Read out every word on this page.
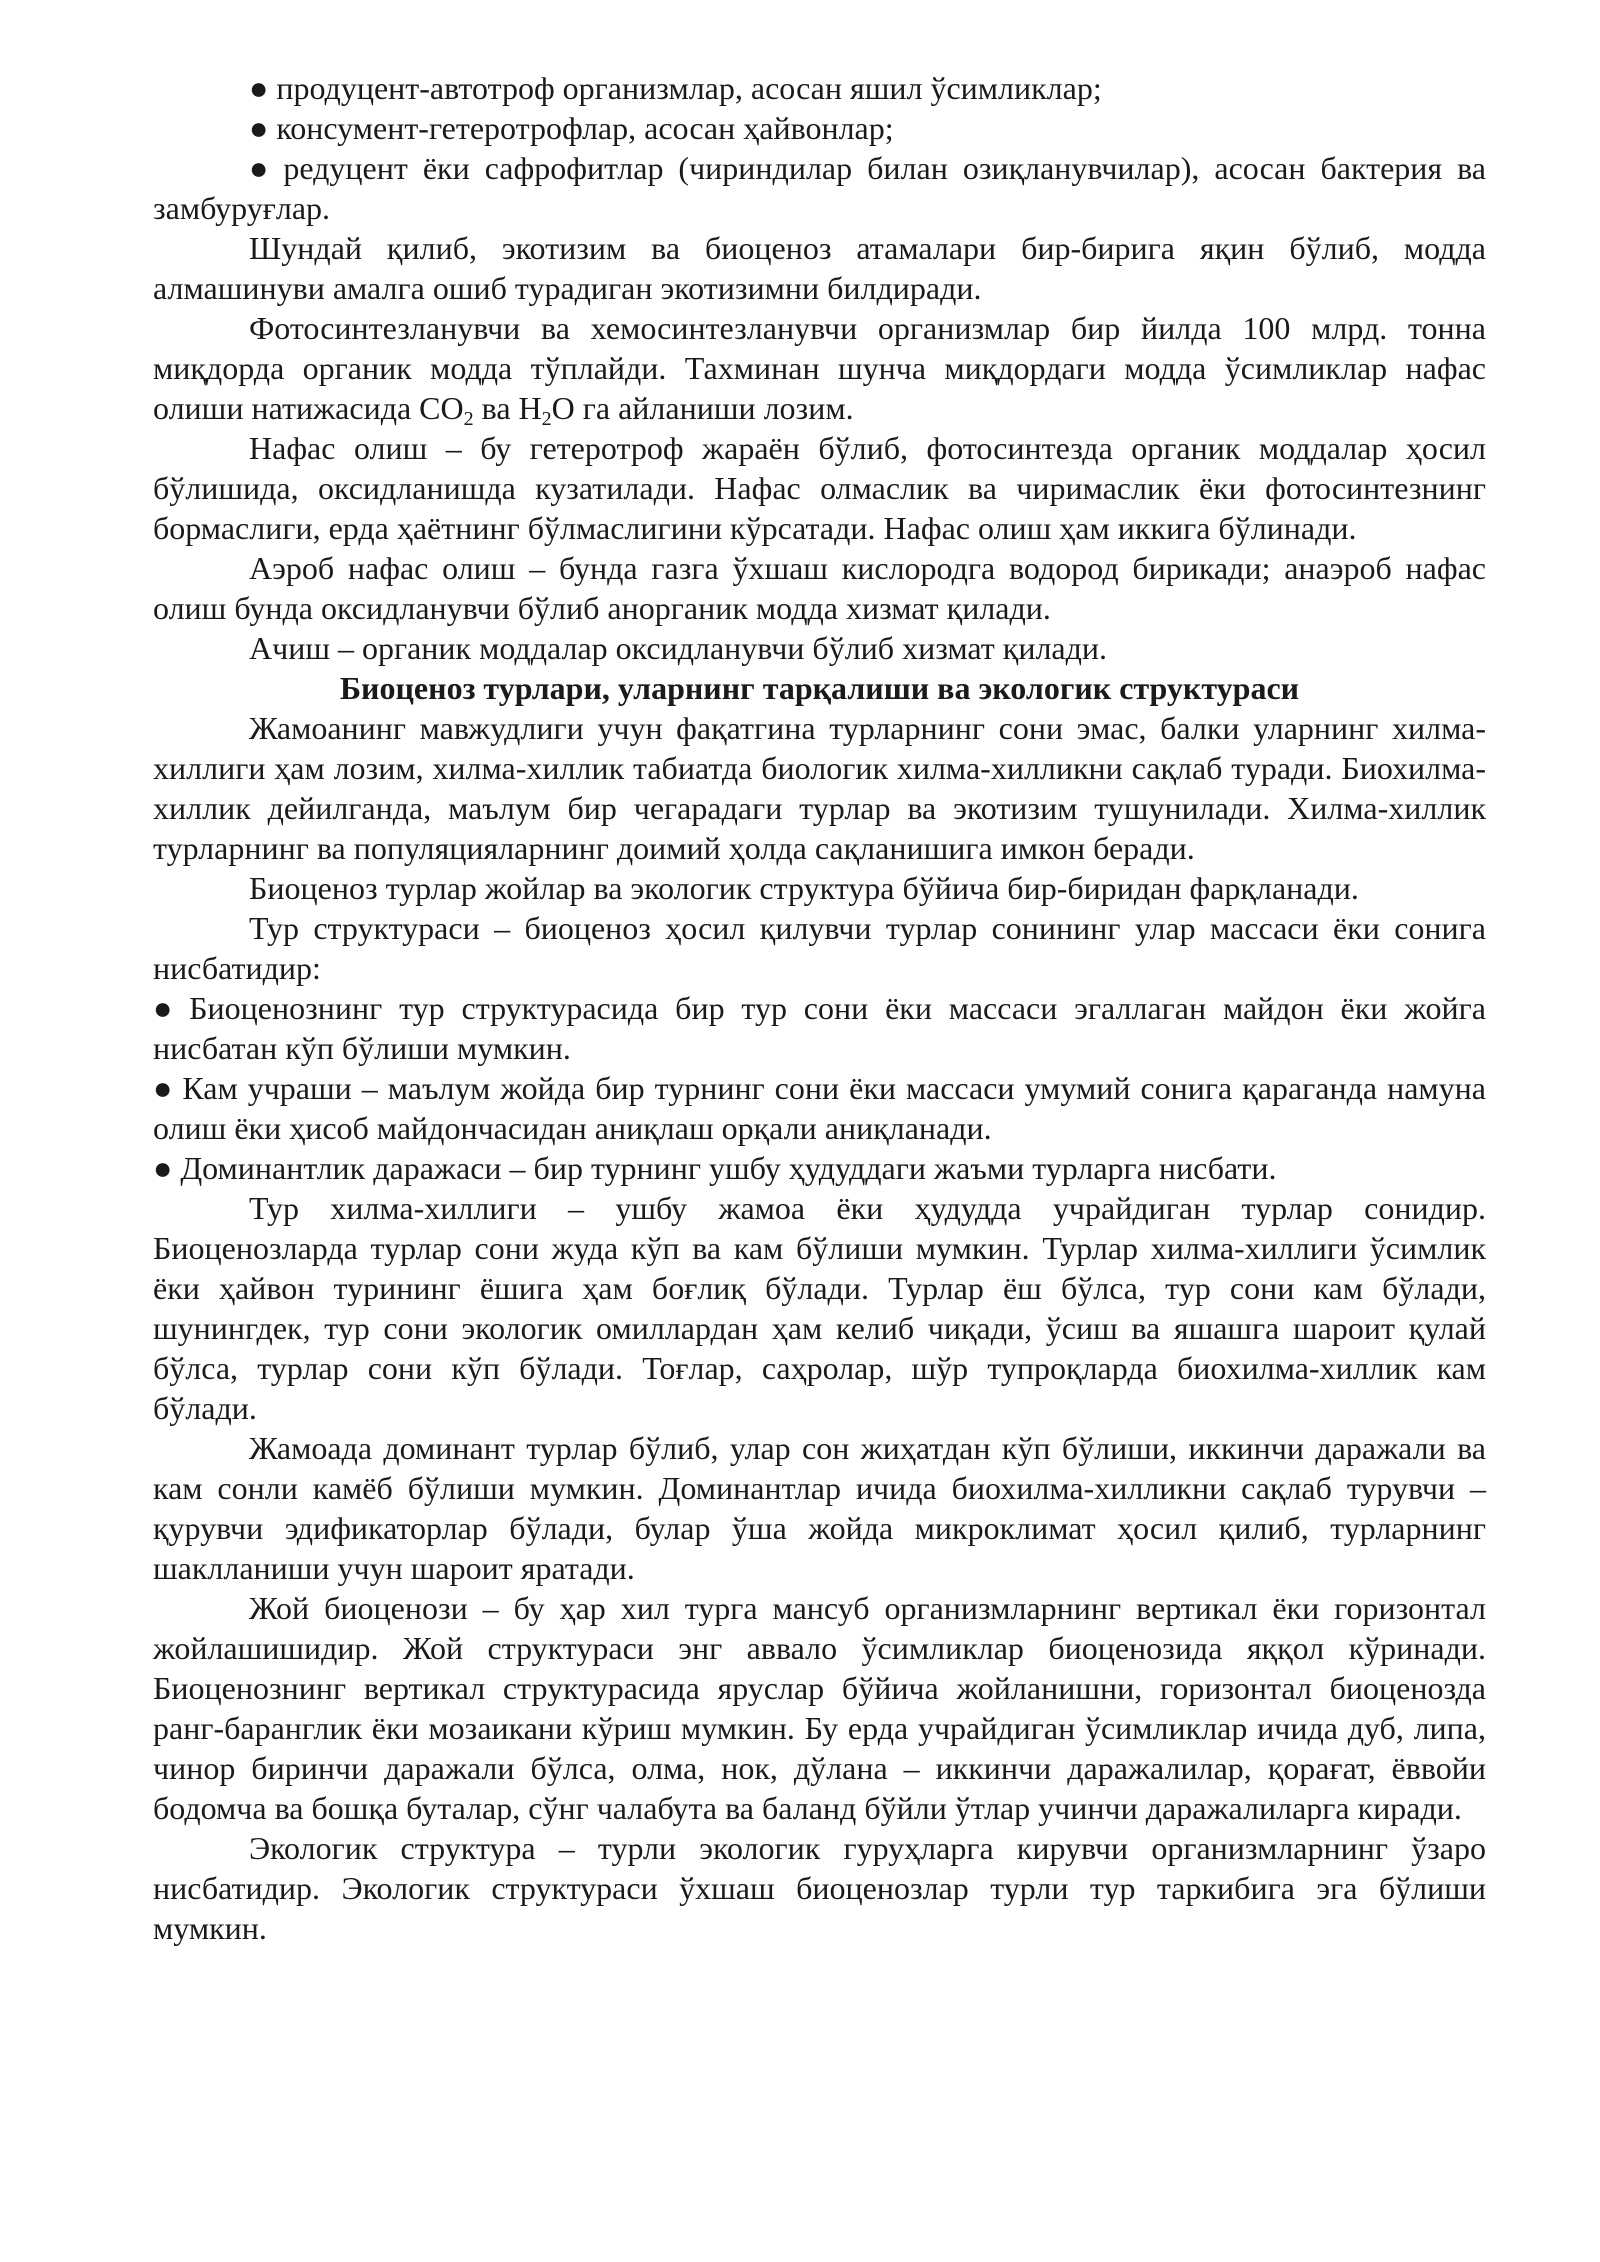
● продуцент-автотроф организмлар, асосан яшил ўсимликлар;

● консумент-гетеротрофлар, асосан ҳайвонлар;

● редуцент ёки сафрофитлар (чириндилар билан озиқланувчилар), асосан бактерия ва замбуруғлар.

Шундай қилиб, экотизим ва биоценоз атамалари бир-бирига яқин бўлиб, модда алмашинуви амалга ошиб турадиган экотизимни билдиради.

Фотосинтезланувчи ва хемосинтезланувчи организмлар бир йилда 100 млрд. тонна миқдорда органик модда тўплайди. Тахминан шунча миқдордаги модда ўсимликлар нафас олиши натижасида $CO_2$ ва $H_2O$ га айланиши лозим.

Нафас олиш – бу гетеротроф жараён бўлиб, фотосинтезда органик моддалар ҳосил бўлишида, оксидланишда кузатилади. Нафас олмаслик ва чиримаслик ёки фотосинтезнинг бормаслиги, ерда ҳаётнинг бўлмаслигини кўрсатади. Нафас олиш ҳам иккига бўлинади.

Аэроб нафас олиш – бунда газга ўхшаш кислородга водород бирикади; анаэроб нафас олиш бунда оксидланувчи бўлиб анорганик модда хизмат қилади.

Ачиш – органик моддалар оксидланувчи бўлиб хизмат қилади.

Биоценоз турлари, уларнинг тарқалиши ва экологик структураси

Жамоанинг мавжудлиги учун фақатгина турларнинг сони эмас, балки уларнинг хилма-хиллиги ҳам лозим, хилма-хиллик табиатда биологик хилма-хилликни сақлаб туради. Биохилма-хиллик дейилганда, маълум бир чегарадаги турлар ва экотизим тушунилади. Хилма-хиллик турларнинг ва популяцияларнинг доимий ҳолда сақланишига имкон беради.

Биоценоз турлар жойлар ва экологик структура бўйича бир-биридан фарқланади.

Тур структураси – биоценоз ҳосил қилувчи турлар сонининг улар массаси ёки сонига нисбатидир:

● Биоценознинг тур структурасида бир тур сони ёки массаси эгаллаган майдон ёки жойга нисбатан кўп бўлиши мумкин.

● Кам учраши – маълум жойда бир турнинг сони ёки массаси умумий сонига қараганда намуна олиш ёки ҳисоб майдончасидан аниқлаш орқали аниқланади.

● Доминантлик даражаси – бир турнинг ушбу ҳудуддаги жаъми турларга нисбати.

Тур хилма-хиллиги – ушбу жамоа ёки ҳудудда учрайдиган турлар сонидир. Биоценозларда турлар сони жуда кўп ва кам бўлиши мумкин. Турлар хилма-хиллиги ўсимлик ёки ҳайвон турининг ёшига ҳам боғлиқ бўлади. Турлар ёш бўлса, тур сони кам бўлади, шунингдек, тур сони экологик омиллардан ҳам келиб чиқади, ўсиш ва яшашга шароит қулай бўлса, турлар сони кўп бўлади. Тоғлар, саҳролар, шўр тупроқларда биохилма-хиллик кам бўлади.

Жамоада доминант турлар бўлиб, улар сон жиҳатдан кўп бўлиши, иккинчи даражали ва кам сонли камёб бўлиши мумкин. Доминантлар ичида биохилма-хилликни сақлаб турувчи – қурувчи эдификаторлар бўлади, булар ўша жойда микроклимат ҳосил қилиб, турларнинг шаклланиши учун шароит яратади.

Жой биоценози – бу ҳар хил турга мансуб организмларнинг вертикал ёки горизонтал жойлашишидир. Жой структураси энг аввало ўсимликлар биоценозида яққол кўринади. Биоценознинг вертикал структурасида яруслар бўйича жойланишни, горизонтал биоценозда ранг-баранглик ёки мозаикани кўриш мумкин. Бу ерда учрайдиган ўсимликлар ичида дуб, липа, чинор биринчи даражали бўлса, олма, нок, дўлана – иккинчи даражалилар, қорағат, ёввойи бодомча ва бошқа буталар, сўнг чалабута ва баланд бўйли ўтлар учинчи даражалиларга киради.

Экологик структура – турли экологик гуруҳларга кирувчи организмларнинг ўзаро нисбатидир. Экологик структураси ўхшаш биоценозлар турли тур таркибига эга бўлиши мумкин.
